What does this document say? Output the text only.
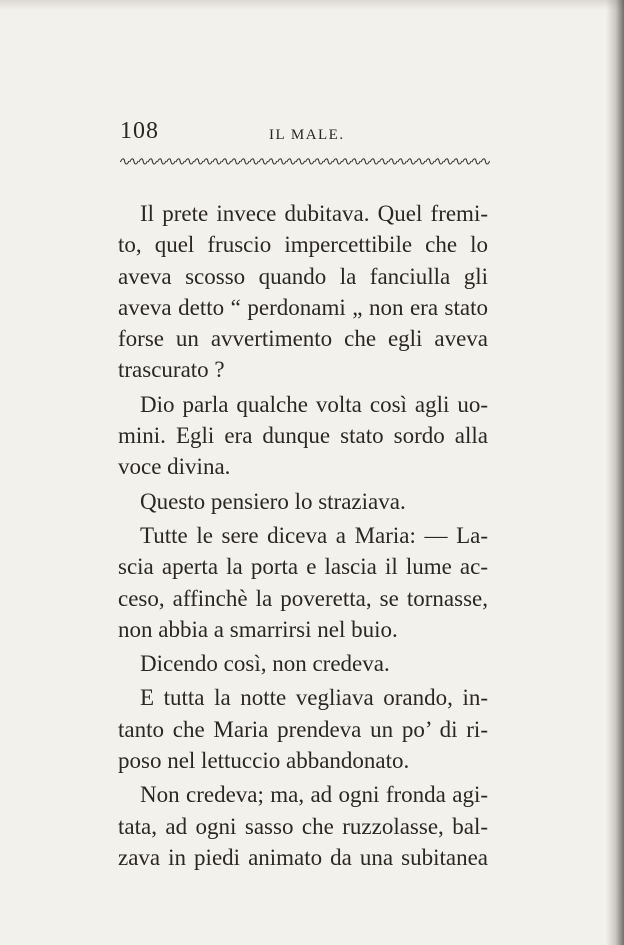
108	IL MALE.
Il prete invece dubitava. Quel fremi-
to, quel fruscio impercettibile che lo
aveva scosso quando la fanciulla gli
aveva detto “ perdonami „ non era stato
forse un avvertimento che egli aveva
trascurato ?
Dio parla qualche volta così agli uo-
mini. Egli era dunque stato sordo alla
voce divina.
Questo pensiero lo straziava.
Tutte le sere diceva a Maria: — La-
scia aperta la porta e lascia il lume ac-
ceso, affinchè la poveretta, se tornasse,
non abbia a smarrirsi nel buio.
Dicendo così, non credeva.
E tutta la notte vegliava orando, in-
tanto che Maria prendeva un po’ di ri-
poso nel lettuccio abbandonato.
Non credeva; ma, ad ogni fronda agi-
tata, ad ogni sasso che ruzzolasse, bal-
zava in piedi animato da una subitanea
